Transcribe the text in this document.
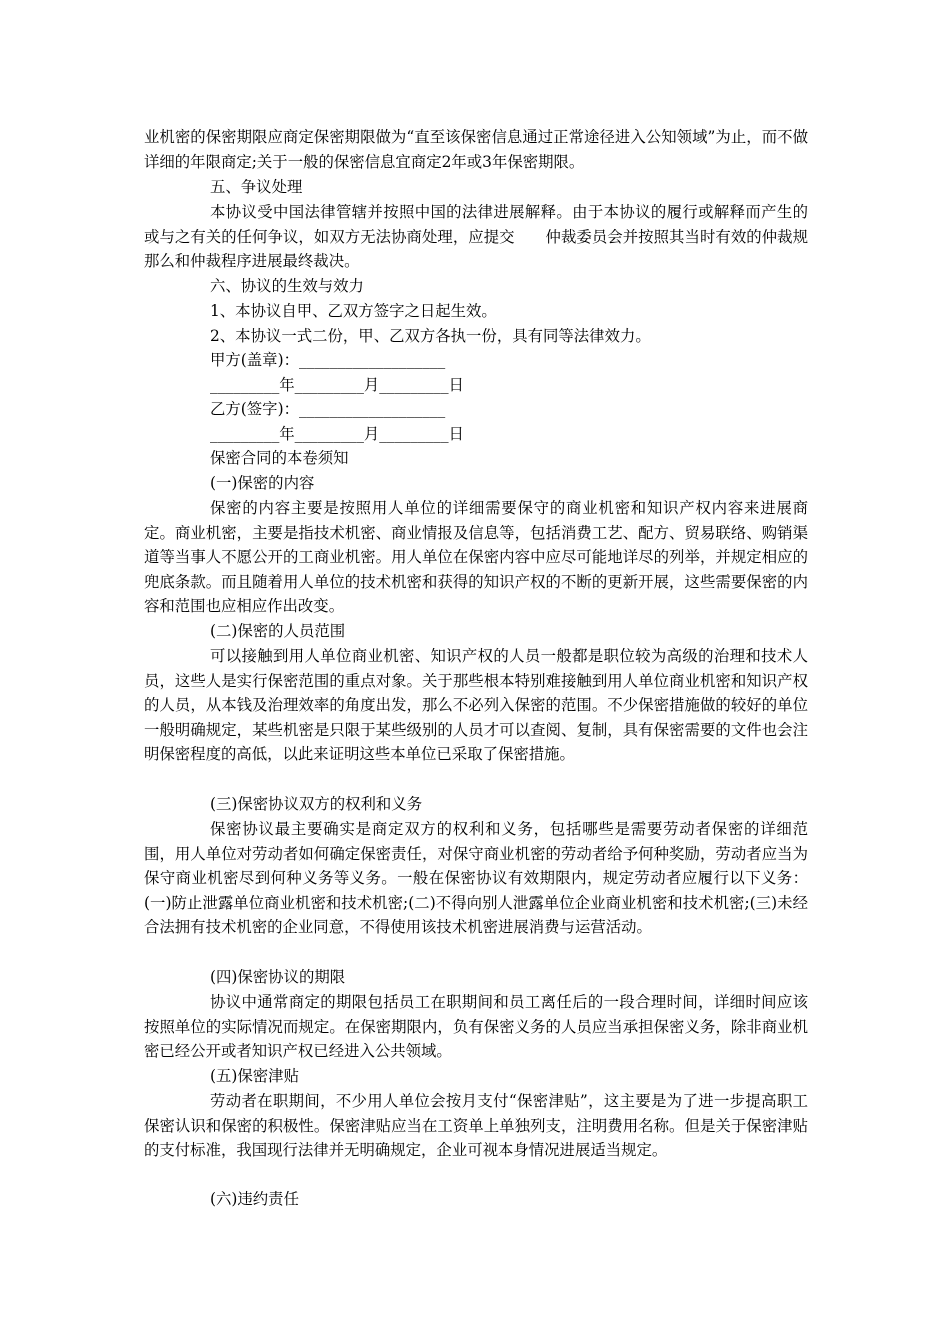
业机密的保密期限应商定保密期限做为“直至该保密信息通过正常途径进入公知领域”为止，而不做详细的年限商定;关于一般的保密信息宜商定2年或3年保密期限。

五、争议处理

本协议受中国法律管辖并按照中国的法律进展解释。由于本协议的履行或解释而产生的或与之有关的任何争议，如双方无法协商处理，应提交　　仲裁委员会并按照其当时有效的仲裁规那么和仲裁程序进展最终裁决。

六、协议的生效与效力

1、本协议自甲、乙双方签字之日起生效。

2、本协议一式二份，甲、乙双方各执一份，具有同等法律效力。

甲方(盖章)：___________________

_________年_________月_________日

乙方(签字)：___________________

_________年_________月_________日

保密合同的本卷须知

(一)保密的内容

保密的内容主要是按照用人单位的详细需要保守的商业机密和知识产权内容来进展商定。商业机密，主要是指技术机密、商业情报及信息等，包括消费工艺、配方、贸易联络、购销渠道等当事人不愿公开的工商业机密。用人单位在保密内容中应尽可能地详尽的列举，并规定相应的兜底条款。而且随着用人单位的技术机密和获得的知识产权的不断的更新开展，这些需要保密的内容和范围也应相应作出改变。

(二)保密的人员范围

可以接触到用人单位商业机密、知识产权的人员一般都是职位较为高级的治理和技术人员，这些人是实行保密范围的重点对象。关于那些根本特别难接触到用人单位商业机密和知识产权的人员，从本钱及治理效率的角度出发，那么不必列入保密的范围。不少保密措施做的较好的单位一般明确规定，某些机密是只限于某些级别的人员才可以查阅、复制，具有保密需要的文件也会注明保密程度的高低，以此来证明这些本单位已采取了保密措施。

(三)保密协议双方的权利和义务

保密协议最主要确实是商定双方的权利和义务，包括哪些是需要劳动者保密的详细范围，用人单位对劳动者如何确定保密责任，对保守商业机密的劳动者给予何种奖励，劳动者应当为保守商业机密尽到何种义务等义务。一般在保密协议有效期限内，规定劳动者应履行以下义务：(一)防止泄露单位商业机密和技术机密;(二)不得向别人泄露单位企业商业机密和技术机密;(三)未经合法拥有技术机密的企业同意，不得使用该技术机密进展消费与运营活动。

(四)保密协议的期限

协议中通常商定的期限包括员工在职期间和员工离任后的一段合理时间，详细时间应该按照单位的实际情况而规定。在保密期限内，负有保密义务的人员应当承担保密义务，除非商业机密已经公开或者知识产权已经进入公共领域。

(五)保密津贴

劳动者在职期间，不少用人单位会按月支付“保密津贴”，这主要是为了进一步提高职工保密认识和保密的积极性。保密津贴应当在工资单上单独列支，注明费用名称。但是关于保密津贴的支付标准，我国现行法律并无明确规定，企业可视本身情况进展适当规定。

(六)违约责任
